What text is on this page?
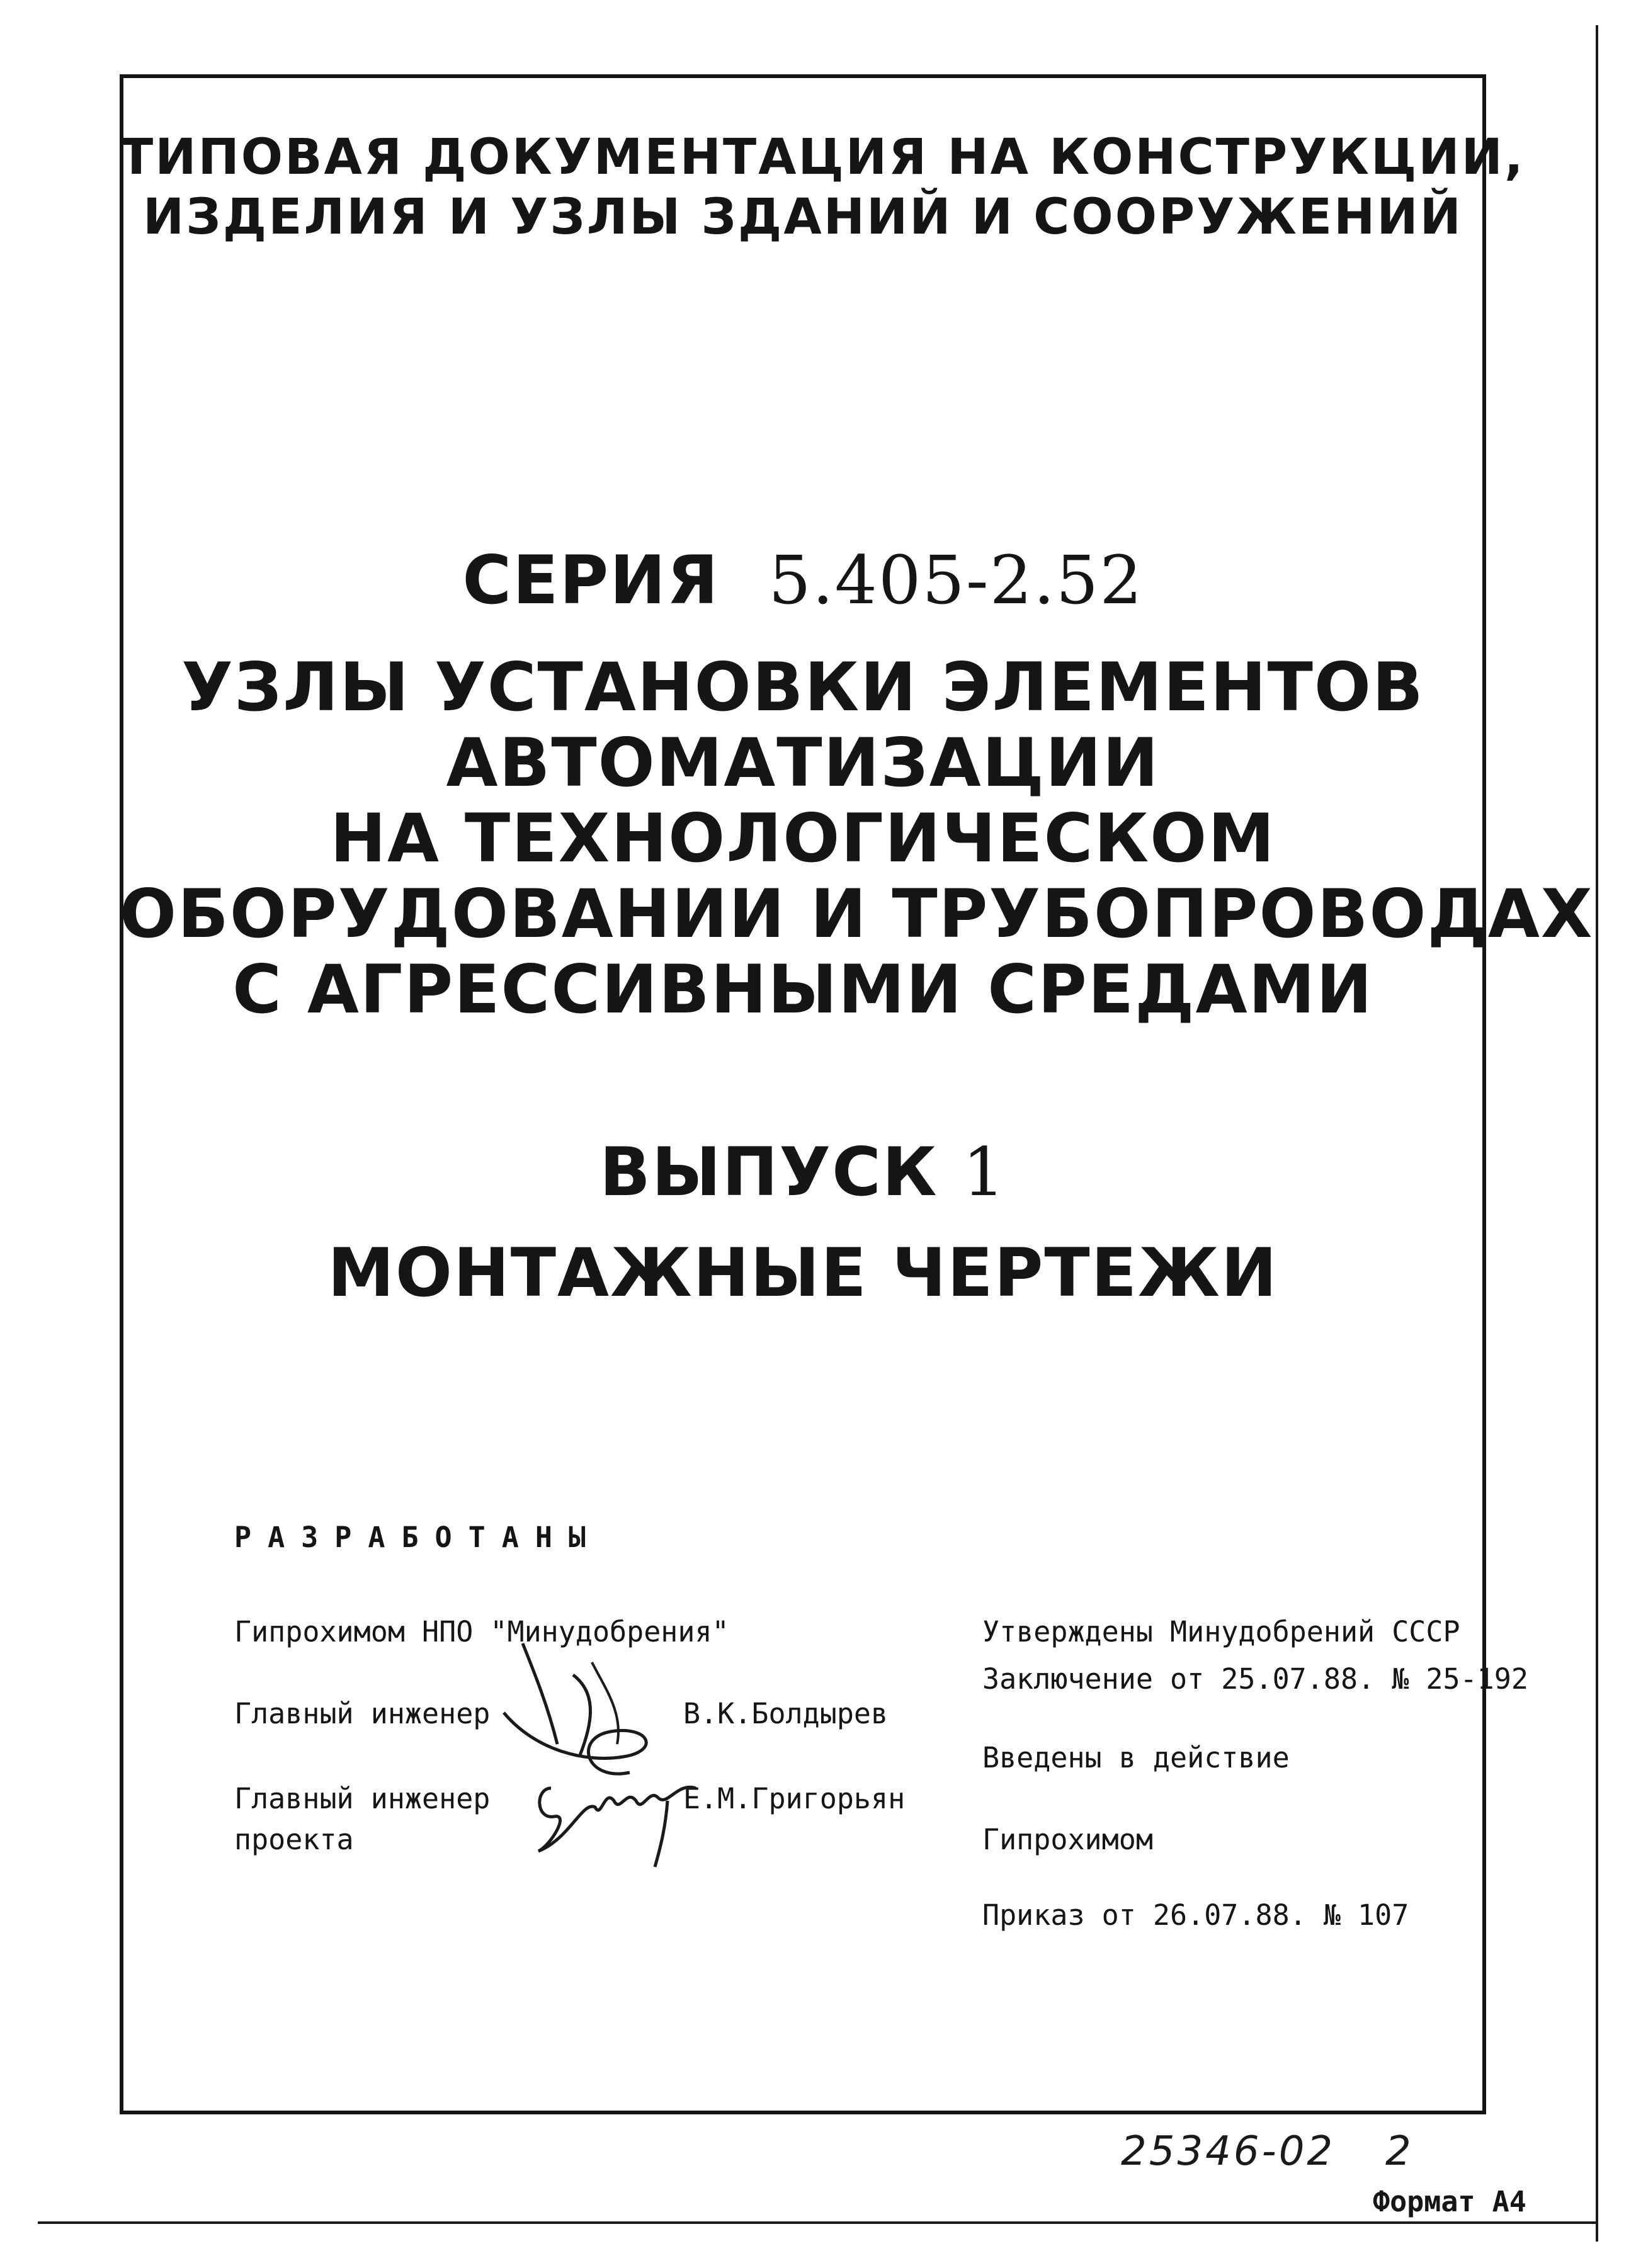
ТИПОВАЯ ДОКУМЕНТАЦИЯ НА КОНСТРУКЦИИ,
ИЗДЕЛИЯ И УЗЛЫ ЗДАНИЙ И СООРУЖЕНИЙ
СЕРИЯ 5.405-2.52
УЗЛЫ УСТАНОВКИ ЭЛЕМЕНТОВ
АВТОМАТИЗАЦИИ
НА ТЕХНОЛОГИЧЕСКОМ
ОБОРУДОВАНИИ И ТРУБОПРОВОДАХ
С АГРЕССИВНЫМИ СРЕДАМИ
ВЫПУСК 1
МОНТАЖНЫЕ ЧЕРТЕЖИ
РАЗРАБОТАНЫ
Гипрохимом НПО "Минудобрения"
Главный инженер	В.К.Болдырев
Главный инженер
проекта
Е.М.Григорьян
Утверждены Минудобрений СССР
Заключение от 25.07.88. № 25-192
Введены в действие
Гипрохимом
Приказ от 26.07.88. № 107
25346-02 2
Формат А4
